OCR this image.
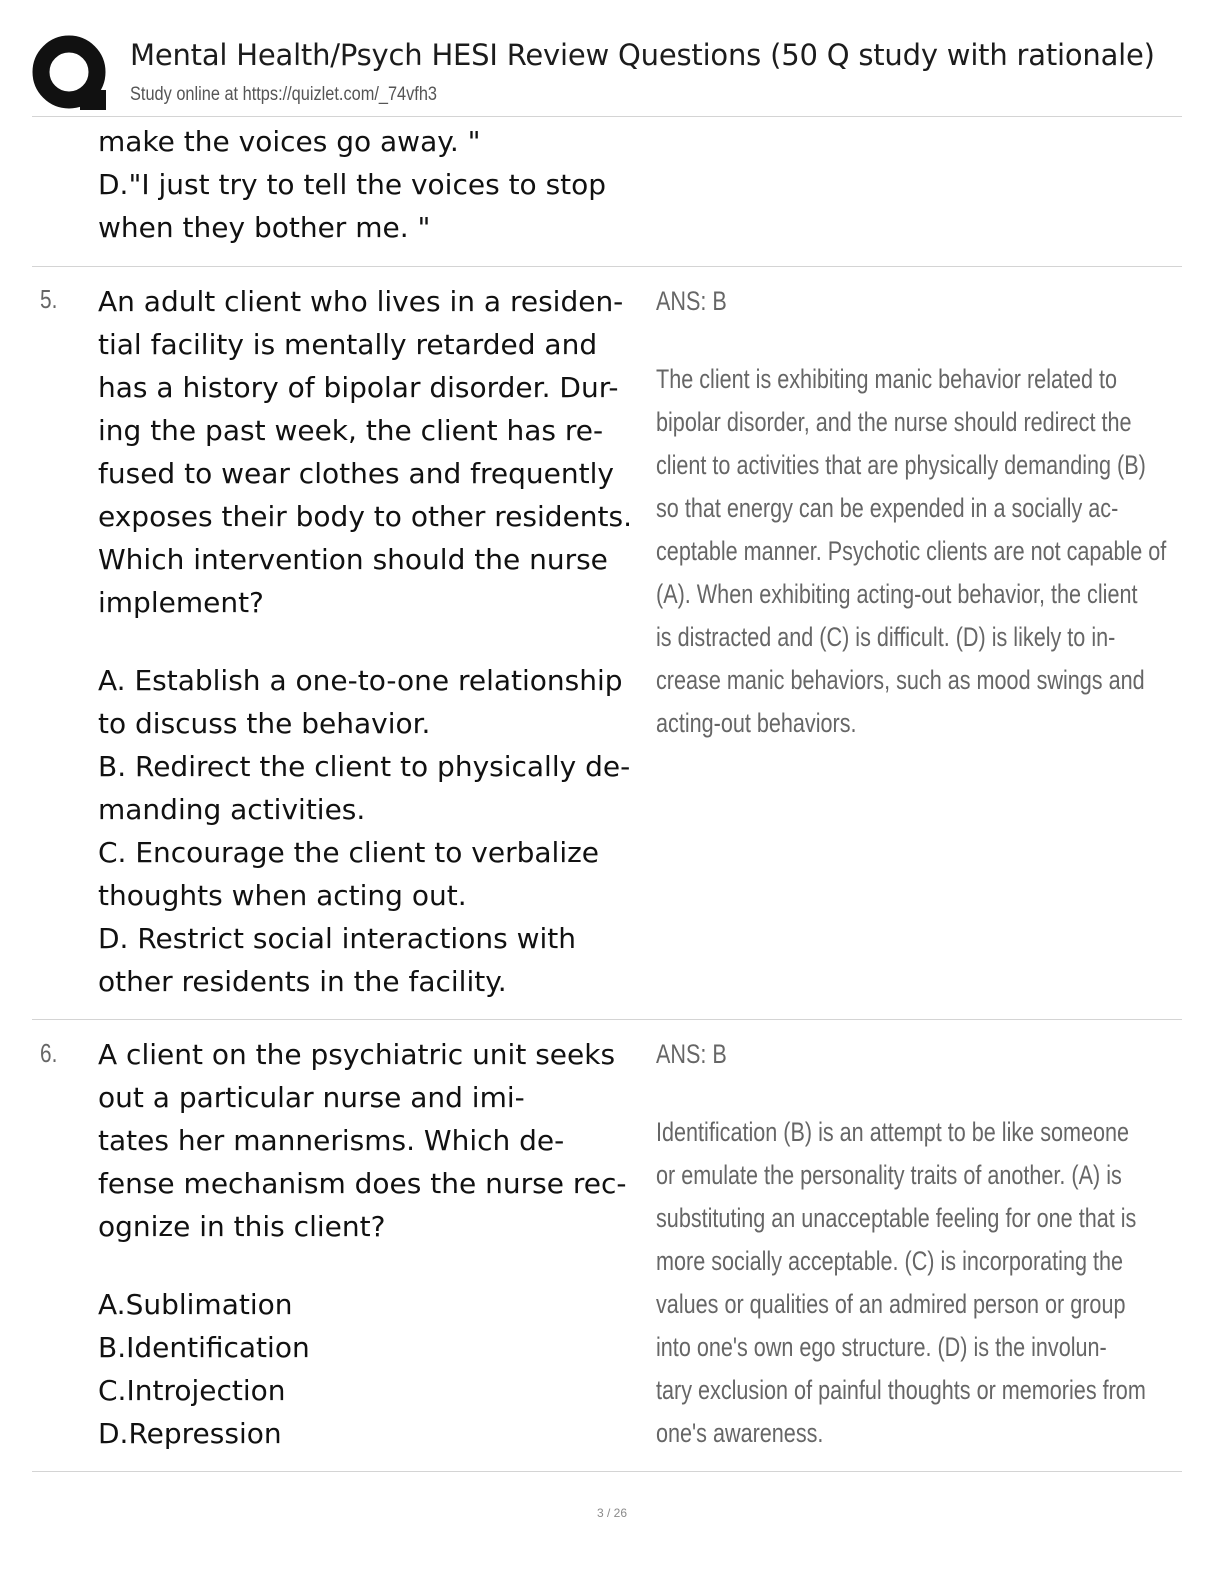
Mental Health/Psych HESI Review Questions (50 Q study with rationale)
Study online at https://quizlet.com/_74vfh3
make the voices go away. "
D."I just try to tell the voices to stop
when they bother me. "
5. An adult client who lives in a residen-
tial facility is mentally retarded and
has a history of bipolar disorder. Dur-
ing the past week, the client has re-
fused to wear clothes and frequently
exposes their body to other residents.
Which intervention should the nurse
implement?
A. Establish a one-to-one relationship
to discuss the behavior.
B. Redirect the client to physically de-
manding activities.
C. Encourage the client to verbalize
thoughts when acting out.
D. Restrict social interactions with
other residents in the facility.
ANS: B
The client is exhibiting manic behavior related to
bipolar disorder, and the nurse should redirect the
client to activities that are physically demanding (B)
so that energy can be expended in a socially ac-
ceptable manner. Psychotic clients are not capable of
(A). When exhibiting acting-out behavior, the client
is distracted and (C) is difficult. (D) is likely to in-
crease manic behaviors, such as mood swings and
acting-out behaviors.
6. A client on the psychiatric unit seeks
out a particular nurse and imi-
tates her mannerisms. Which de-
fense mechanism does the nurse rec-
ognize in this client?
A.Sublimation
B.Identification
C.Introjection
D.Repression
ANS: B
Identification (B) is an attempt to be like someone
or emulate the personality traits of another. (A) is
substituting an unacceptable feeling for one that is
more socially acceptable. (C) is incorporating the
values or qualities of an admired person or group
into one's own ego structure. (D) is the involun-
tary exclusion of painful thoughts or memories from
one's awareness.
3 / 26
